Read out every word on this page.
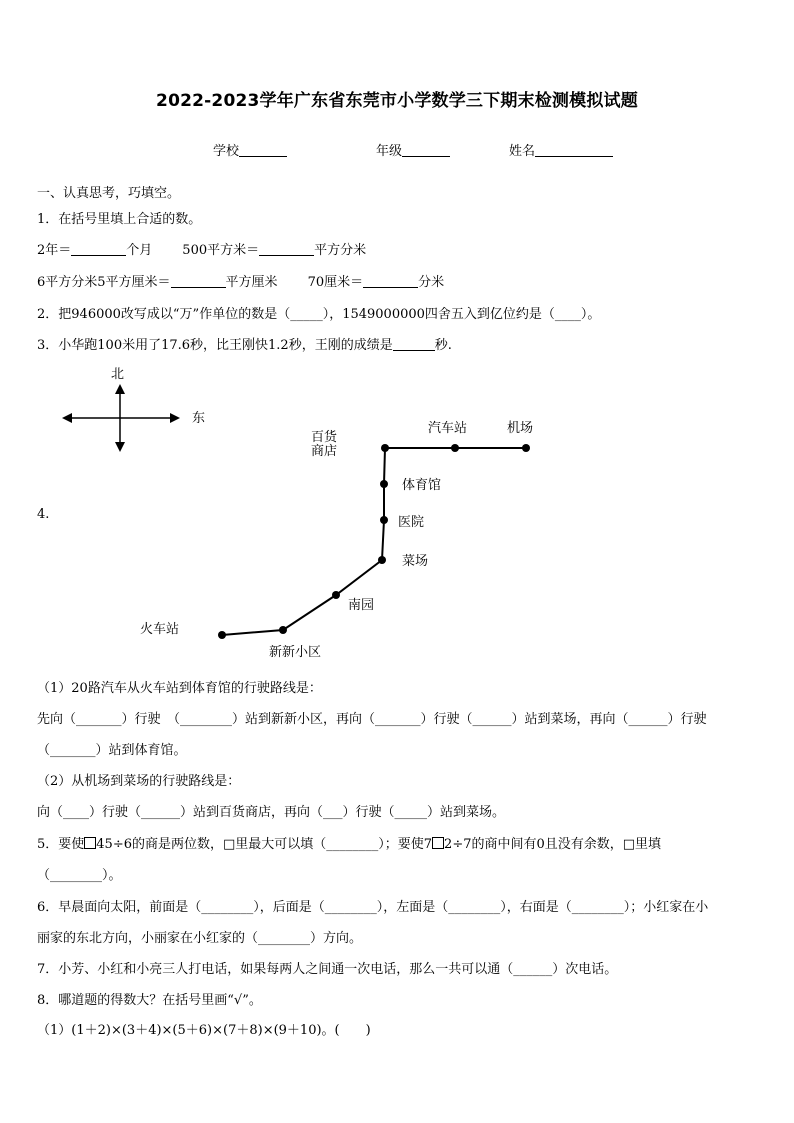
2022-2023学年广东省东莞市小学数学三下期末检测模拟试题
学校	年级	姓名
一、认真思考，巧填空。
1．在括号里填上合适的数。
2年＝	个月 500平方米＝	平方分米
6平方分米5平方厘米＝	平方厘米 70厘米＝	分米
2．把946000改写成以“万”作单位的数是（_____），1549000000四舍五入到亿位约是（____）。
3．小华跑100米用了17.6秒，比王刚快1.2秒，王刚的成绩是	秒.
4.
北
东
汽车站	机场
百货
商店
体育馆
医院
菜场
南园
火车站
新新小区
（1）20路汽车从火车站到体育馆的行驶路线是：
先向（_______）行驶　（________）站到新新小区，再向（_______）行驶（______）站到菜场，再向（______）行驶
（_______）站到体育馆。
（2）从机场到菜场的行驶路线是：
向（____）行驶（______）站到百货商店，再向（___）行驶（_____）站到菜场。
5．要使 45÷6的商是两位数，□里最大可以填（________）；要使7 2÷7的商中间有0且没有余数，□里填
（________）。
6．早晨面向太阳，前面是（________），后面是（________），左面是（________），右面是（________）；小红家在小
丽家的东北方向，小丽家在小红家的（________）方向。
7．小芳、小红和小亮三人打电话，如果每两人之间通一次电话，那么一共可以通（______）次电话。
8．哪道题的得数大？在括号里画“√”。
（1）(1＋2)×(3＋4)×(5＋6)×(7＋8)×(9＋10)。(　　)
